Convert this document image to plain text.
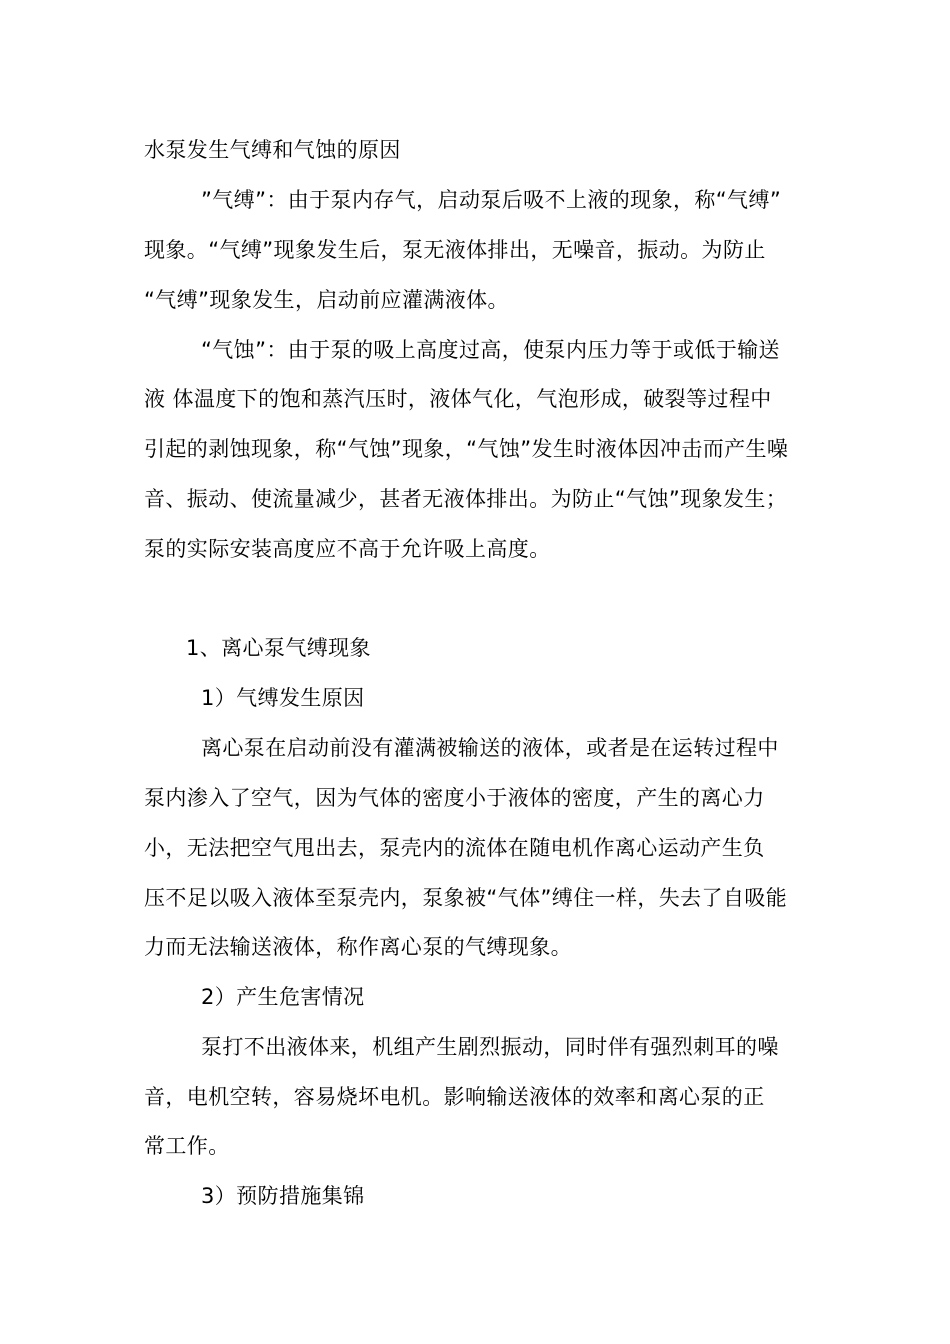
水泵发生气缚和气蚀的原因
”气缚”：由于泵内存气，启动泵后吸不上液的现象，称“气缚”
现象。“气缚”现象发生后，泵无液体排出，无噪音，振动。为防止
“气缚”现象发生，启动前应灌满液体。
“气蚀”：由于泵的吸上高度过高，使泵内压力等于或低于输送
液 体温度下的饱和蒸汽压时，液体气化，气泡形成，破裂等过程中
引起的剥蚀现象，称“气蚀”现象，“气蚀”发生时液体因冲击而产生噪
音、振动、使流量减少，甚者无液体排出。为防止“气蚀”现象发生；
泵的实际安装高度应不高于允许吸上高度。
1、离心泵气缚现象
1）气缚发生原因
离心泵在启动前没有灌满被输送的液体，或者是在运转过程中
泵内渗入了空气，因为气体的密度小于液体的密度，产生的离心力
小，无法把空气甩出去，泵壳内的流体在随电机作离心运动产生负
压不足以吸入液体至泵壳内，泵象被“气体”缚住一样，失去了自吸能
力而无法输送液体，称作离心泵的气缚现象。
2）产生危害情况
泵打不出液体来，机组产生剧烈振动，同时伴有强烈刺耳的噪
音，电机空转，容易烧坏电机。影响输送液体的效率和离心泵的正
常工作。
3）预防措施集锦
